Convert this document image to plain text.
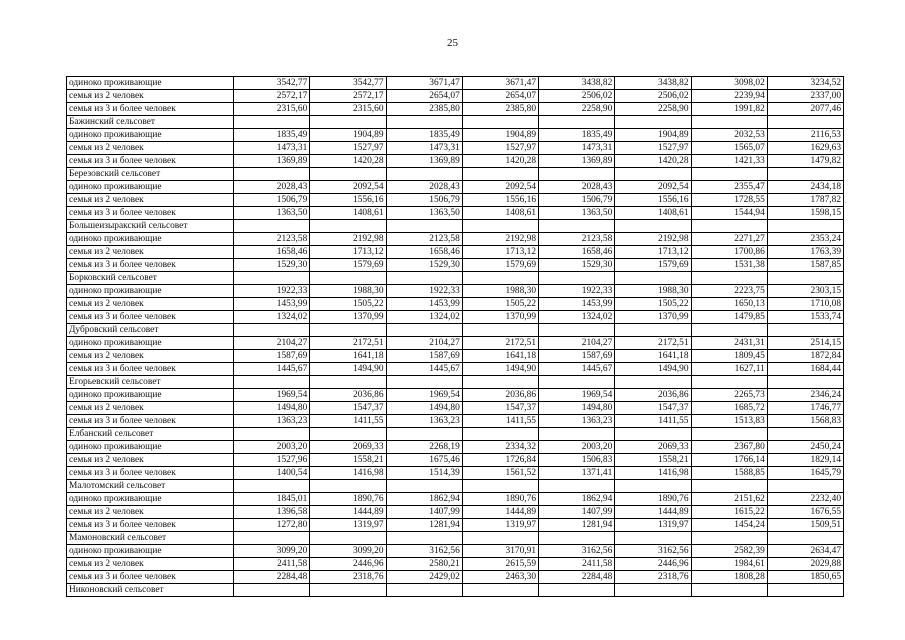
25
одиноко проживающие	3542,77	3542,77	3671,47	3671,47	3438,82	3438,82	3098,02	3234,52
семья из 2 человек	2572,17	2572,17	2654,07	2654,07	2506,02	2506,02	2239,94	2337,00
семья из 3 и более человек	2315,60	2315,60	2385,80	2385,80	2258,90	2258,90	1991,82	2077,46
Бажинский сельсовет								
одиноко проживающие	1835,49	1904,89	1835,49	1904,89	1835,49	1904,89	2032,53	2116,53
семья из 2 человек	1473,31	1527,97	1473,31	1527,97	1473,31	1527,97	1565,07	1629,63
семья из 3 и более человек	1369,89	1420,28	1369,89	1420,28	1369,89	1420,28	1421,33	1479,82
Березовский сельсовет								
одиноко проживающие	2028,43	2092,54	2028,43	2092,54	2028,43	2092,54	2355,47	2434,18
семья из 2 человек	1506,79	1556,16	1506,79	1556,16	1506,79	1556,16	1728,55	1787,82
семья из 3 и более человек	1363,50	1408,61	1363,50	1408,61	1363,50	1408,61	1544,94	1598,15
Большеизыракский сельсовет								
одиноко проживающие	2123,58	2192,98	2123,58	2192,98	2123,58	2192,98	2271,27	2353,24
семья из 2 человек	1658,46	1713,12	1658,46	1713,12	1658,46	1713,12	1700,86	1763,39
семья из 3 и более человек	1529,30	1579,69	1529,30	1579,69	1529,30	1579,69	1531,38	1587,85
Борковский сельсовет								
одиноко проживающие	1922,33	1988,30	1922,33	1988,30	1922,33	1988,30	2223,75	2303,15
семья из 2 человек	1453,99	1505,22	1453,99	1505,22	1453,99	1505,22	1650,13	1710,08
семья из 3 и более человек	1324,02	1370,99	1324,02	1370,99	1324,02	1370,99	1479,85	1533,74
Дубровский сельсовет								
одиноко проживающие	2104,27	2172,51	2104,27	2172,51	2104,27	2172,51	2431,31	2514,15
семья из 2 человек	1587,69	1641,18	1587,69	1641,18	1587,69	1641,18	1809,45	1872,84
семья из 3 и более человек	1445,67	1494,90	1445,67	1494,90	1445,67	1494,90	1627,11	1684,44
Егорьевский сельсовет								
одиноко проживающие	1969,54	2036,86	1969,54	2036,86	1969,54	2036,86	2265,73	2346,24
семья из 2 человек	1494,80	1547,37	1494,80	1547,37	1494,80	1547,37	1685,72	1746,77
семья из 3 и более человек	1363,23	1411,55	1363,23	1411,55	1363,23	1411,55	1513,83	1568,83
Елбанский сельсовет								
одиноко проживающие	2003,20	2069,33	2268,19	2334,32	2003,20	2069,33	2367,80	2450,24
семья из 2 человек	1527,96	1558,21	1675,46	1726,84	1506,83	1558,21	1766,14	1829,14
семья из 3 и более человек	1400,54	1416,98	1514,39	1561,52	1371,41	1416,98	1588,85	1645,79
Малотомский сельсовет								
одиноко проживающие	1845,01	1890,76	1862,94	1890,76	1862,94	1890,76	2151,62	2232,40
семья из 2 человек	1396,58	1444,89	1407,99	1444,89	1407,99	1444,89	1615,22	1676,55
семья из 3 и более человек	1272,80	1319,97	1281,94	1319,97	1281,94	1319,97	1454,24	1509,51
Мамоновский сельсовет								
одиноко проживающие	3099,20	3099,20	3162,56	3170,91	3162,56	3162,56	2582,39	2634,47
семья из 2 человек	2411,58	2446,96	2580,21	2615,59	2411,58	2446,96	1984,61	2029,88
семья из 3 и более человек	2284,48	2318,76	2429,02	2463,30	2284,48	2318,76	1808,28	1850,65
Никоновский сельсовет								
